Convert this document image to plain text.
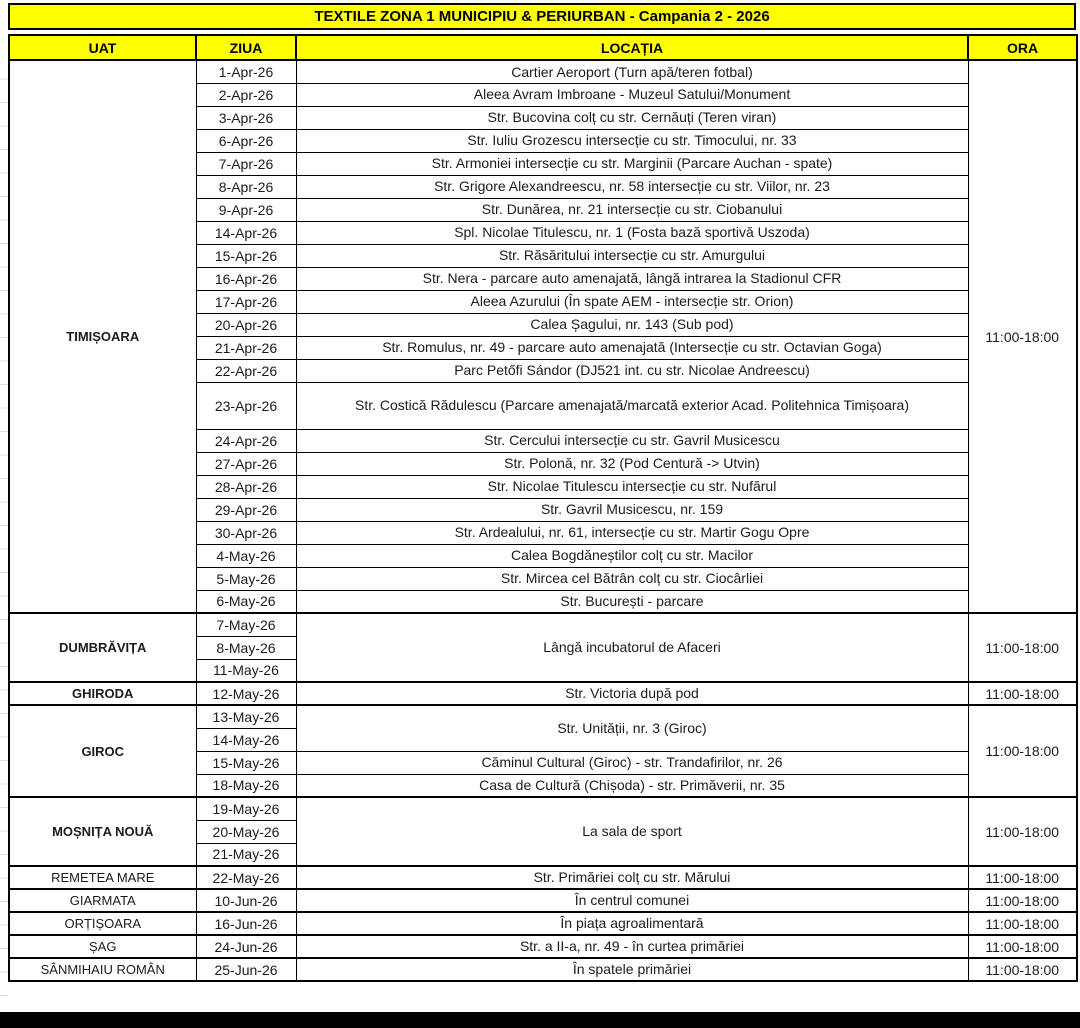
TEXTILE ZONA 1 MUNICIPIU & PERIURBAN - Campania 2 - 2026
UAT	ZIUA	LOCAȚIA	ORA
TIMIȘOARA	1-Apr-26	Cartier Aeroport (Turn apă/teren fotbal)	11:00-18:00
	2-Apr-26	Aleea Avram Imbroane - Muzeul Satului/Monument	
	3-Apr-26	Str. Bucovina colț cu str. Cernăuți (Teren viran)	
	6-Apr-26	Str. Iuliu Grozescu intersecție cu str. Timocului, nr. 33	
	7-Apr-26	Str. Armoniei intersecție cu str. Marginii (Parcare Auchan - spate)	
	8-Apr-26	Str. Grigore Alexandreescu, nr. 58 intersecție cu str. Viilor, nr. 23	
	9-Apr-26	Str. Dunărea, nr. 21 intersecție cu str. Ciobanului	
	14-Apr-26	Spl. Nicolae Titulescu, nr. 1 (Fosta bază sportivă Uszoda)	
	15-Apr-26	Str. Răsăritului intersecție cu str. Amurgului	
	16-Apr-26	Str. Nera - parcare auto amenajată, lângă intrarea la Stadionul CFR	
	17-Apr-26	Aleea Azurului (În spate AEM - intersecție str. Orion)	
	20-Apr-26	Calea Șagului, nr. 143 (Sub pod)	
	21-Apr-26	Str. Romulus, nr. 49 - parcare auto amenajată (Intersecție cu str. Octavian Goga)	
	22-Apr-26	Parc Petőfi Sándor (DJ521 int. cu str. Nicolae Andreescu)	
	23-Apr-26	Str. Costică Rădulescu (Parcare amenajată/marcată exterior Acad. Politehnica Timișoara)	
	24-Apr-26	Str. Cercului intersecție cu str. Gavril Musicescu	
	27-Apr-26	Str. Polonă, nr. 32 (Pod Centură -> Utvin)	
	28-Apr-26	Str. Nicolae Titulescu intersecție cu str. Nufărul	
	29-Apr-26	Str. Gavril Musicescu, nr. 159	
	30-Apr-26	Str. Ardealului, nr. 61, intersecție cu str. Martir Gogu Opre	
	4-May-26	Calea Bogdăneștilor colț cu str. Macilor	
	5-May-26	Str. Mircea cel Bătrân colț cu str. Ciocârliei	
	6-May-26	Str. București - parcare	
DUMBRĂVIȚA	7-May-26	Lângă incubatorul de Afaceri	11:00-18:00
	8-May-26		
	11-May-26		
GHIRODA	12-May-26	Str. Victoria după pod	11:00-18:00
GIROC	13-May-26	Str. Unității, nr. 3 (Giroc)	11:00-18:00
	14-May-26		
	15-May-26	Căminul Cultural (Giroc) - str. Trandafirilor, nr. 26	
	18-May-26	Casa de Cultură (Chișoda) - str. Primăverii, nr. 35	
MOȘNIȚA NOUĂ	19-May-26	La sala de sport	11:00-18:00
	20-May-26		
	21-May-26		
REMETEA MARE	22-May-26	Str. Primăriei colț cu str. Mărului	11:00-18:00
GIARMATA	10-Jun-26	În centrul comunei	11:00-18:00
ORȚIȘOARA	16-Jun-26	În piața agroalimentară	11:00-18:00
ȘAG	24-Jun-26	Str. a II-a, nr. 49 - în curtea primăriei	11:00-18:00
SÂNMIHAIU ROMÂN	25-Jun-26	În spatele primăriei	11:00-18:00
